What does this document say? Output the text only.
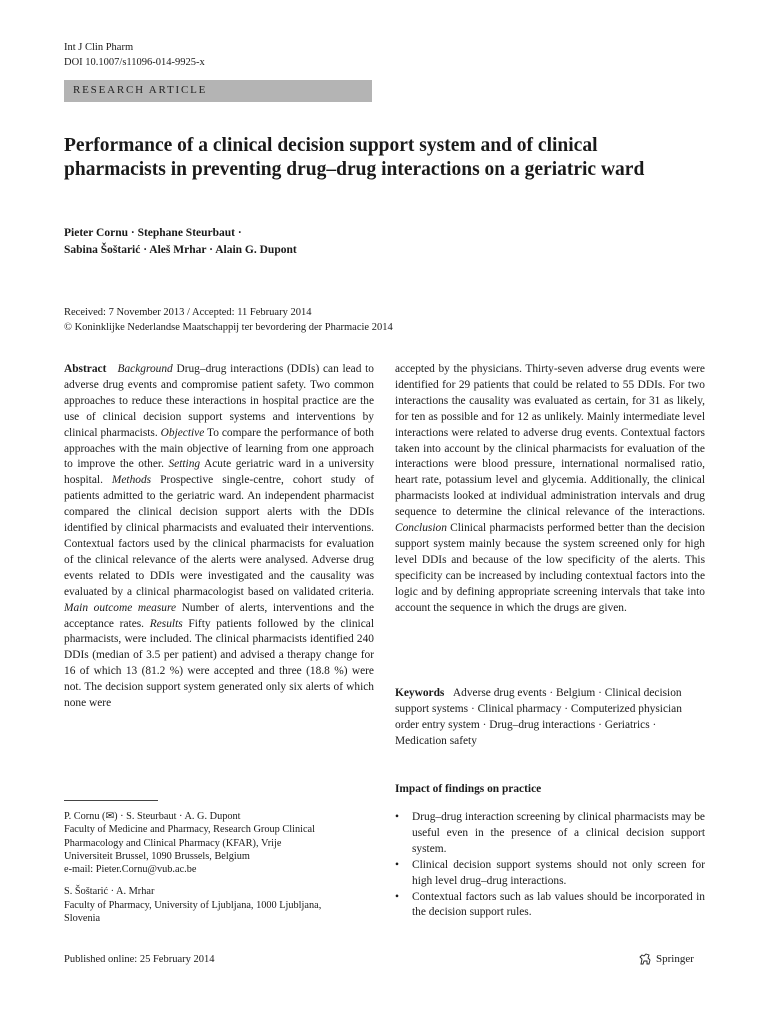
Int J Clin Pharm
DOI 10.1007/s11096-014-9925-x
RESEARCH ARTICLE
Performance of a clinical decision support system and of clinical pharmacists in preventing drug–drug interactions on a geriatric ward
Pieter Cornu · Stephane Steurbaut ·
Sabina Šoštarić · Aleš Mrhar · Alain G. Dupont
Received: 7 November 2013 / Accepted: 11 February 2014
© Koninklijke Nederlandse Maatschappij ter bevordering der Pharmacie 2014
Abstract Background Drug–drug interactions (DDIs) can lead to adverse drug events and compromise patient safety. Two common approaches to reduce these interactions in hospital practice are the use of clinical decision support systems and interventions by clinical pharmacists. Objective To compare the performance of both approaches with the main objective of learning from one approach to improve the other. Setting Acute geriatric ward in a university hospital. Methods Prospective single-centre, cohort study of patients admitted to the geriatric ward. An independent pharmacist compared the clinical decision support alerts with the DDIs identified by clinical pharmacists and evaluated their interventions. Contextual factors used by the clinical pharmacists for evaluation of the clinical relevance of the alerts were analysed. Adverse drug events related to DDIs were investigated and the causality was evaluated by a clinical pharmacologist based on validated criteria. Main outcome measure Number of alerts, interventions and the acceptance rates. Results Fifty patients followed by the clinical pharmacists, were included. The clinical pharmacists identified 240 DDIs (median of 3.5 per patient) and advised a therapy change for 16 of which 13 (81.2 %) were accepted and three (18.8 %) were not. The decision support system generated only six alerts of which none were
accepted by the physicians. Thirty-seven adverse drug events were identified for 29 patients that could be related to 55 DDIs. For two interactions the causality was evaluated as certain, for 31 as likely, for ten as possible and for 12 as unlikely. Mainly intermediate level interactions were related to adverse drug events. Contextual factors taken into account by the clinical pharmacists for evaluation of the interactions were blood pressure, international normalised ratio, heart rate, potassium level and glycemia. Additionally, the clinical pharmacists looked at individual administration intervals and drug sequence to determine the clinical relevance of the interactions. Conclusion Clinical pharmacists performed better than the decision support system mainly because the system screened only for high level DDIs and because of the low specificity of the alerts. This specificity can be increased by including contextual factors into the logic and by defining appropriate screening intervals that take into account the sequence in which the drugs are given.
Keywords Adverse drug events · Belgium · Clinical decision support systems · Clinical pharmacy · Computerized physician order entry system · Drug–drug interactions · Geriatrics · Medication safety
Impact of findings on practice
• Drug–drug interaction screening by clinical pharmacists may be useful even in the presence of a clinical decision support system.
• Clinical decision support systems should not only screen for high level drug–drug interactions.
• Contextual factors such as lab values should be incorporated in the decision support rules.

P. Cornu (✉) · S. Steurbaut · A. G. Dupont
Faculty of Medicine and Pharmacy, Research Group Clinical
Pharmacology and Clinical Pharmacy (KFAR), Vrije
Universiteit Brussel, 1090 Brussels, Belgium
e-mail: Pieter.Cornu@vub.ac.be

S. Šoštarić · A. Mrhar
Faculty of Pharmacy, University of Ljubljana, 1000 Ljubljana,
Slovenia

Published online: 25 February 2014	Springer
